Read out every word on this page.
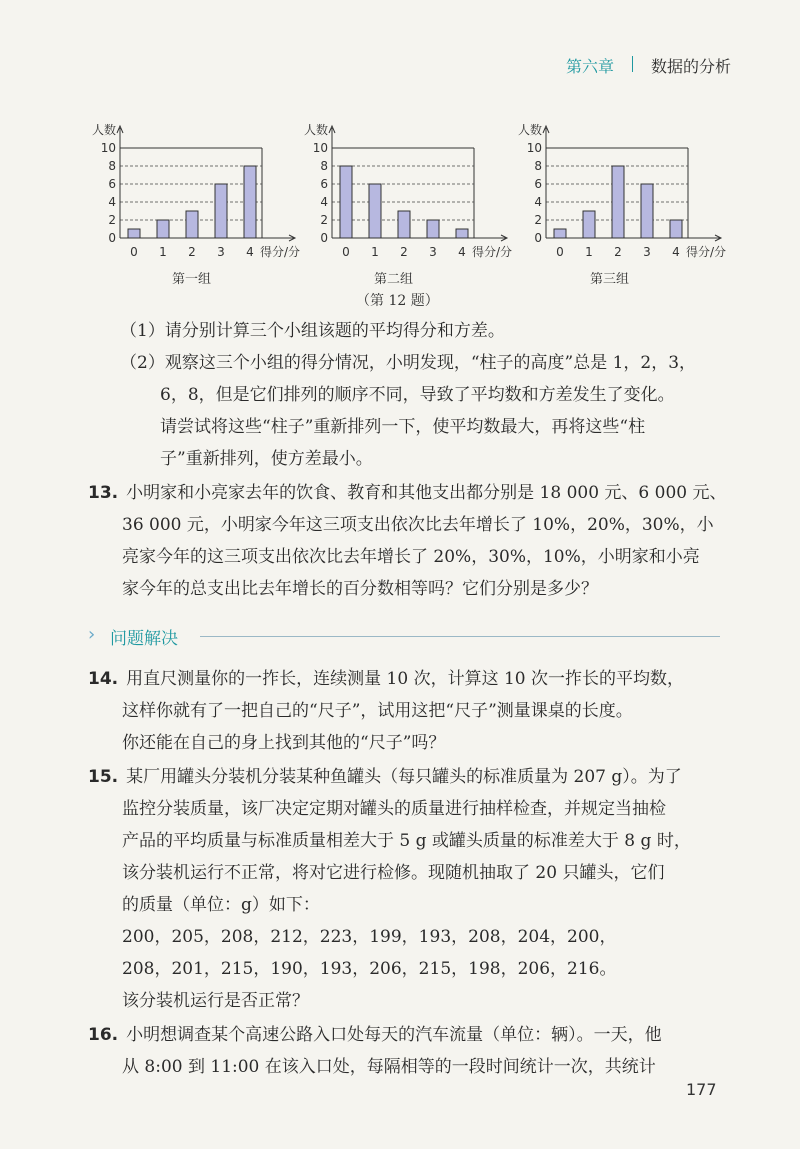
第六章 数据的分析
人数
0
2
4
6
8
10
0 1 2 3 4 得分/分
人数
0
2
4
6
8
10
0 1 2 3 4 得分/分
人数
0
2
4
6
8
10
0 1 2 3 4 得分/分
第一组	第二组	第三组
（第 12 题）
（1）请分别计算三个小组该题的平均得分和方差。
（2）观察这三个小组的得分情况，小明发现，“柱子的高度”总是 1，2，3，
6，8，但是它们排列的顺序不同，导致了平均数和方差发生了变化。
请尝试将这些“柱子”重新排列一下，使平均数最大，再将这些“柱
子”重新排列，使方差最小。
13. 小明家和小亮家去年的饮食、教育和其他支出都分别是 18 000 元、6 000 元、
36 000 元，小明家今年这三项支出依次比去年增长了 10%，20%，30%，小
亮家今年的这三项支出依次比去年增长了 20%，30%，10%，小明家和小亮
家今年的总支出比去年增长的百分数相等吗？它们分别是多少？
› 问题解决
14. 用直尺测量你的一拃长，连续测量 10 次，计算这 10 次一拃长的平均数，
这样你就有了一把自己的“尺子”，试用这把“尺子”测量课桌的长度。
你还能在自己的身上找到其他的“尺子”吗？
15. 某厂用罐头分装机分装某种鱼罐头（每只罐头的标准质量为 207 g）。为了
监控分装质量，该厂决定定期对罐头的质量进行抽样检查，并规定当抽检
产品的平均质量与标准质量相差大于 5 g 或罐头质量的标准差大于 8 g 时，
该分装机运行不正常，将对它进行检修。现随机抽取了 20 只罐头，它们
的质量（单位：g）如下：
200，205，208，212，223，199，193，208，204，200，
208，201，215，190，193，206，215，198，206，216。
该分装机运行是否正常？
16. 小明想调查某个高速公路入口处每天的汽车流量（单位：辆）。一天，他
从 8:00 到 11:00 在该入口处，每隔相等的一段时间统计一次，共统计
177
